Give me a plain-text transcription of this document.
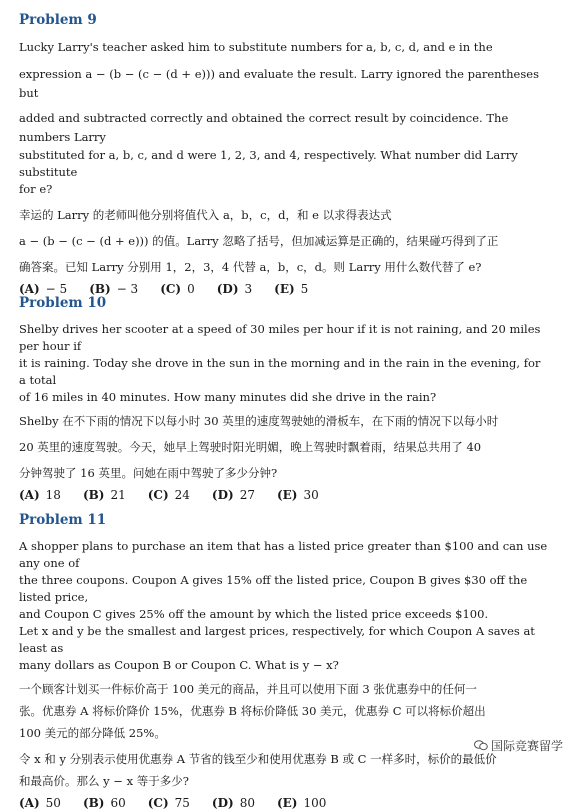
Problem 9

Lucky Larry's teacher asked him to substitute numbers for a, b, c, d, and e in the

expression a − (b − (c − (d + e))) and evaluate the result. Larry ignored the parentheses but

added and subtracted correctly and obtained the correct result by coincidence. The numbers Larry

substituted for a, b, c, and d were 1, 2, 3, and 4, respectively. What number did Larry substitute

for e?

幸运的 Larry 的老师叫他分别将值代入 a，b，c，d，和 e 以求得表达式

a − (b − (c − (d + e))) 的值。Larry 忽略了括号，但加减运算是正确的，结果碰巧得到了正

确答案。已知 Larry 分别用 1，2，3，4 代替 a，b，c，d。则 Larry 用什么数代替了 e?

(A) − 5 (B) − 3 (C) 0 (D) 3 (E) 5
Problem 10

Shelby drives her scooter at a speed of 30 miles per hour if it is not raining, and 20 miles per hour if

it is raining. Today she drove in the sun in the morning and in the rain in the evening, for a total

of 16 miles in 40 minutes. How many minutes did she drive in the rain?

Shelby 在不下雨的情况下以每小时 30 英里的速度驾驶她的滑板车，在下雨的情况下以每小时

20 英里的速度驾驶。今天，她早上驾驶时阳光明媚，晚上驾驶时飘着雨，结果总共用了 40

分钟驾驶了 16 英里。问她在雨中驾驶了多少分钟?

(A) 18 (B) 21 (C) 24 (D) 27 (E) 30
Problem 11

A shopper plans to purchase an item that has a listed price greater than $100 and can use any one of

the three coupons. Coupon A gives 15% off the listed price, Coupon B gives $30 off the listed price,

and Coupon C gives 25% off the amount by which the listed price exceeds $100.

Let x and y be the smallest and largest prices, respectively, for which Coupon A saves at least as

many dollars as Coupon B or Coupon C. What is y − x?

一个顾客计划买一件标价高于 100 美元的商品，并且可以使用下面 3 张优惠券中的任何一

张。优惠券 A 将标价降价 15%，优惠券 B 将标价降低 30 美元，优惠券 C 可以将标价超出

100 美元的部分降低 25%。

令 x 和 y 分别表示使用优惠券 A 节省的钱至少和使用优惠券 B 或 C 一样多时，标价的最低价

和最高价。那么 y − x 等于多少?

(A) 50 (B) 60 (C) 75 (D) 80 (E) 100
国际竞赛留学
